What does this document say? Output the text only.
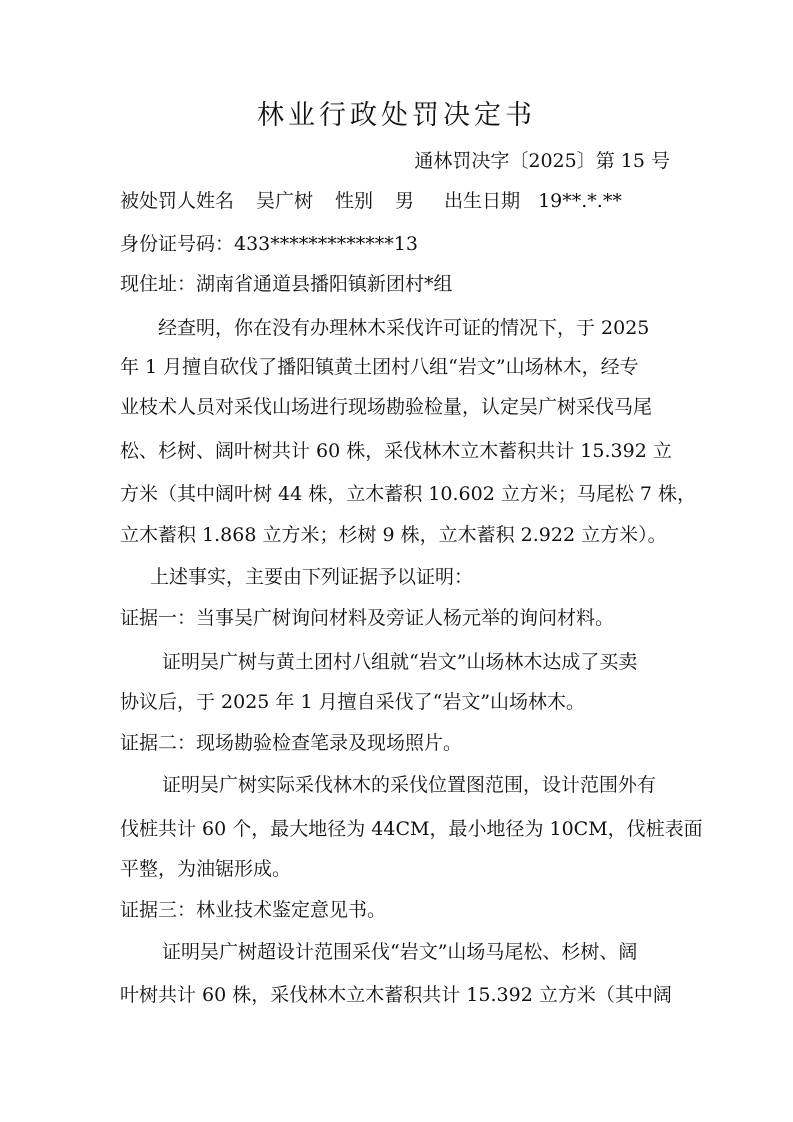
林业行政处罚决定书
通林罚决字〔2025〕第 15 号
被处罚人姓名 吴广树 性别 男 出生日期 19**.*.**
身份证号码：433*************13
现住址：湖南省通道县播阳镇新团村*组
经查明，你在没有办理林木采伐许可证的情况下，于 2025
年 1 月擅自砍伐了播阳镇黄土团村八组“岩文”山场林木，经专
业枝术人员对采伐山场进行现场勘验检量，认定吴广树采伐马尾
松、杉树、阔叶树共计 60 株，采伐林木立木蓄积共计 15.392 立
方米（其中阔叶树 44 株，立木蓄积 10.602 立方米；马尾松 7 株，
立木蓄积 1.868 立方米；杉树 9 株，立木蓄积 2.922 立方米）。
上述事实，主要由下列证据予以证明：
证据一：当事吴广树询问材料及旁证人杨元举的询问材料。
证明吴广树与黄土团村八组就“岩文”山场林木达成了买卖
协议后，于 2025 年 1 月擅自采伐了“岩文”山场林木。
证据二：现场勘验检查笔录及现场照片。
证明吴广树实际采伐林木的采伐位置图范围，设计范围外有
伐桩共计 60 个，最大地径为 44CM，最小地径为 10CM，伐桩表面
平整，为油锯形成。
证据三：林业技术鉴定意见书。
证明吴广树超设计范围采伐“岩文”山场马尾松、杉树、阔
叶树共计 60 株，采伐林木立木蓄积共计 15.392 立方米（其中阔
